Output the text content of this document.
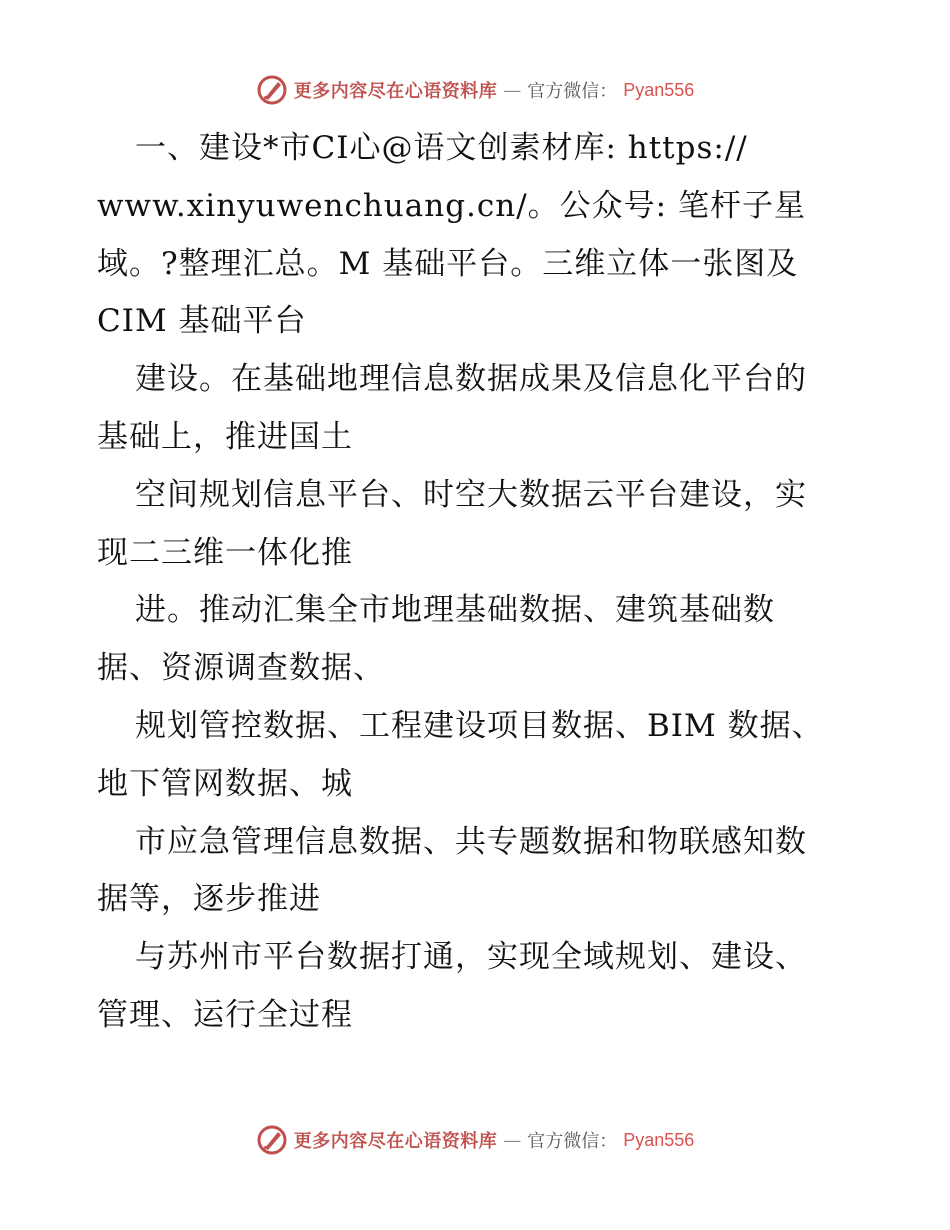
更多内容尽在心语资料库 — 官方微信： Pyan556
一、建设*市CI心@语文创素材库: https://
www.xinyuwenchuang.cn/。公众号: 笔杆子星
域。?整理汇总。M 基础平台。三维立体一张图及
CIM 基础平台
建设。在基础地理信息数据成果及信息化平台的
基础上，推进国土
空间规划信息平台、时空大数据云平台建设，实
现二三维一体化推
进。推动汇集全市地理基础数据、建筑基础数
据、资源调查数据、
规划管控数据、工程建设项目数据、BIM 数据、
地下管网数据、城
市应急管理信息数据、共专题数据和物联感知数
据等，逐步推进
与苏州市平台数据打通，实现全域规划、建设、
管理、运行全过程
更多内容尽在心语资料库 — 官方微信： Pyan556
